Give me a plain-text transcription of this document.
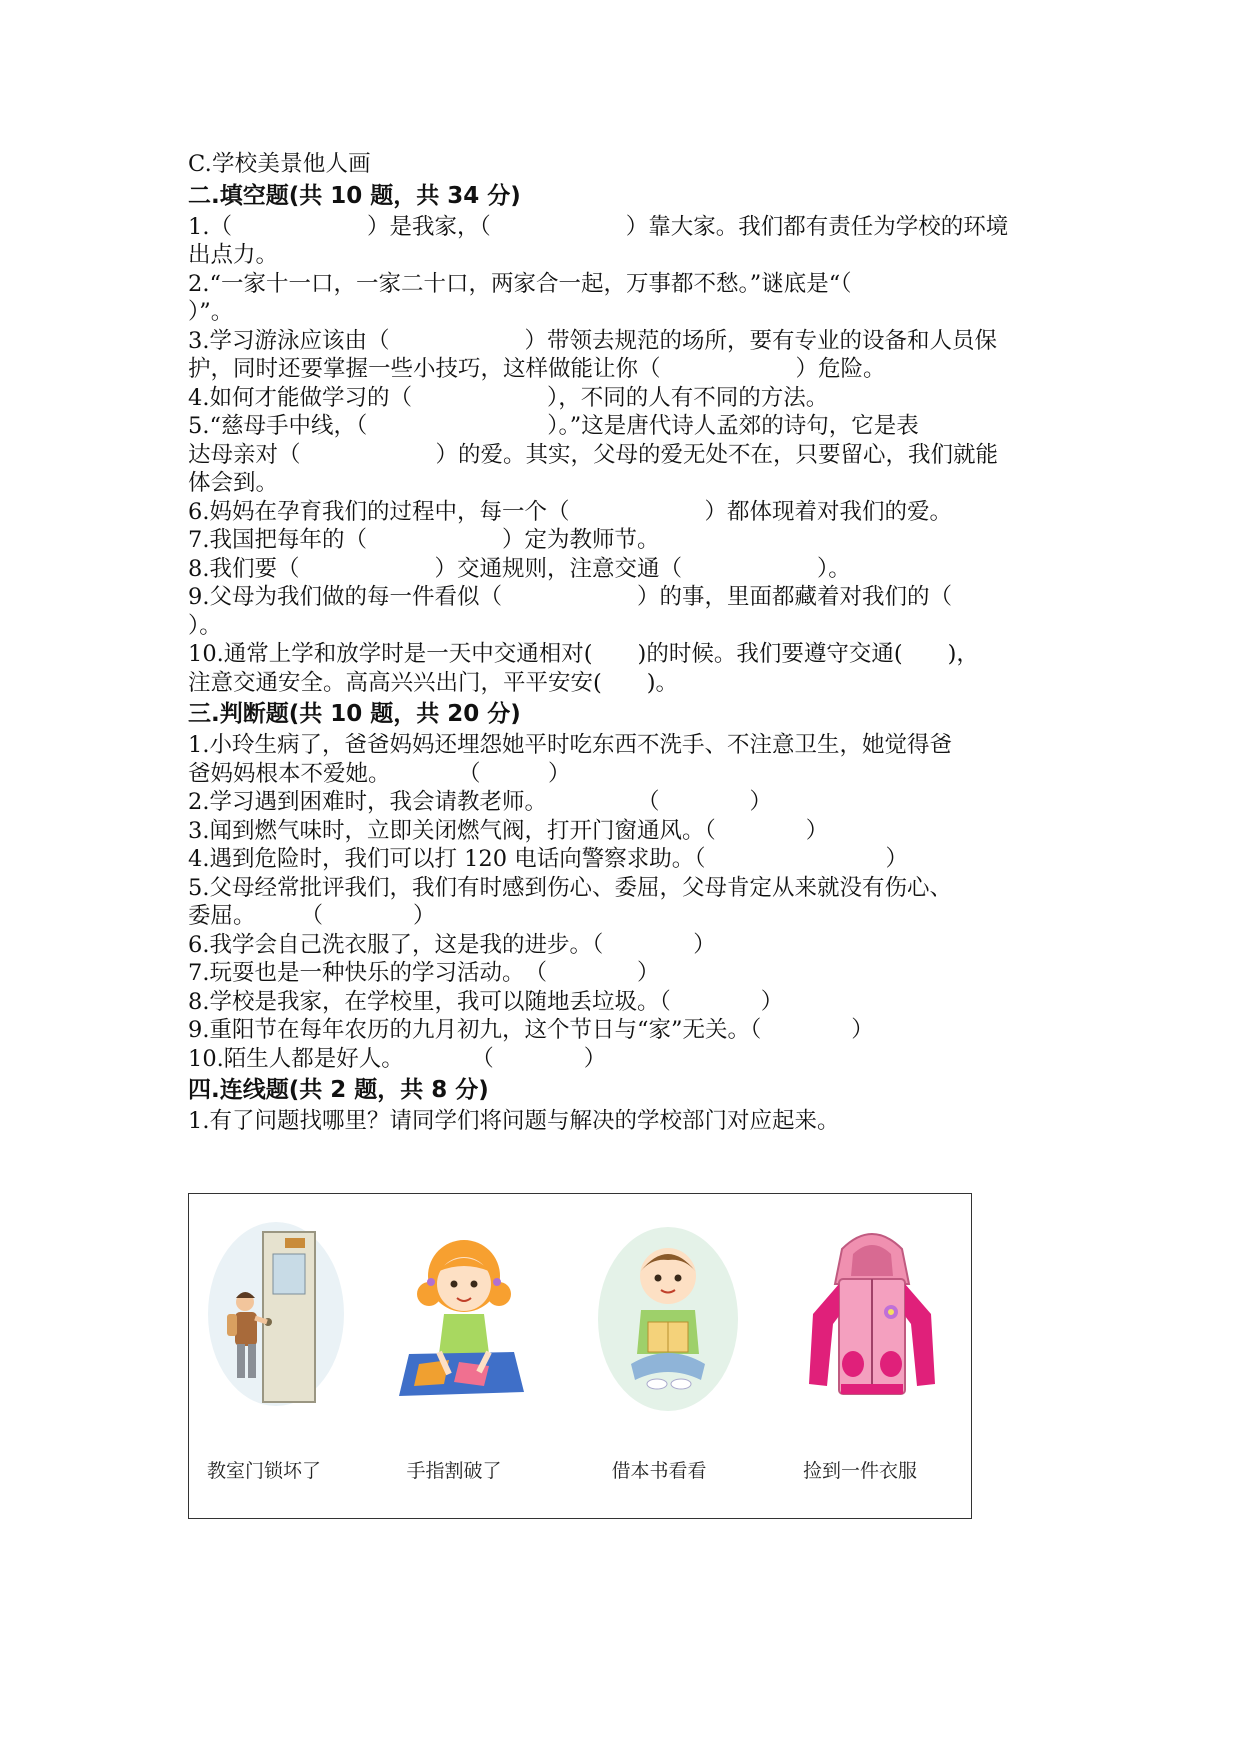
C.学校美景他人画
二.填空题(共 10 题，共 34 分)
1.（　　　　　　）是我家，（　　　　　　）靠大家。我们都有责任为学校的环境
出点力。
2.“一家十一口，一家二十口，两家合一起，万事都不愁。”谜底是“（
）”。
3.学习游泳应该由（　　　　　　）带领去规范的场所，要有专业的设备和人员保
护，同时还要掌握一些小技巧，这样做能让你（　　　　　　）危险。
4.如何才能做学习的（　　　　　　），不同的人有不同的方法。
5.“慈母手中线，（　　　　　　　　）。”这是唐代诗人孟郊的诗句，它是表
达母亲对（　　　　　　）的爱。其实，父母的爱无处不在，只要留心，我们就能
体会到。
6.妈妈在孕育我们的过程中，每一个（　　　　　　）都体现着对我们的爱。
7.我国把每年的（　　　　　　）定为教师节。
8.我们要（　　　　　　）交通规则，注意交通（　　　　　　）。
9.父母为我们做的每一件看似（　　　　　　）的事，里面都藏着对我们的（
）。
10.通常上学和放学时是一天中交通相对(　　)的时候。我们要遵守交通(　　)，
注意交通安全。高高兴兴出门，平平安安(　　)。
三.判断题(共 10 题，共 20 分)
1.小玲生病了，爸爸妈妈还埋怨她平时吃东西不洗手、不注意卫生，她觉得爸
爸妈妈根本不爱她。　　　　（　　　）
2.学习遇到困难时，我会请教老师。　　　　　（　　　　）
3.闻到燃气味时，立即关闭燃气阀，打开门窗通风。（　　　　）
4.遇到危险时，我们可以打 120 电话向警察求助。（　　　　　　　　）
5.父母经常批评我们，我们有时感到伤心、委屈，父母肯定从来就没有伤心、
委屈。　　　（　　　　）
6.我学会自己洗衣服了，这是我的进步。（　　　　）
7.玩耍也是一种快乐的学习活动。　（　　　　）
8.学校是我家，在学校里，我可以随地丢垃圾。（　　　　）
9.重阳节在每年农历的九月初九，这个节日与“家”无关。（　　　　）
10.陌生人都是好人。　　　　（　　　　）
四.连线题(共 2 题，共 8 分)
1.有了问题找哪里？请同学们将问题与解决的学校部门对应起来。
教室门锁坏了	手指割破了	借本书看看	捡到一件衣服
